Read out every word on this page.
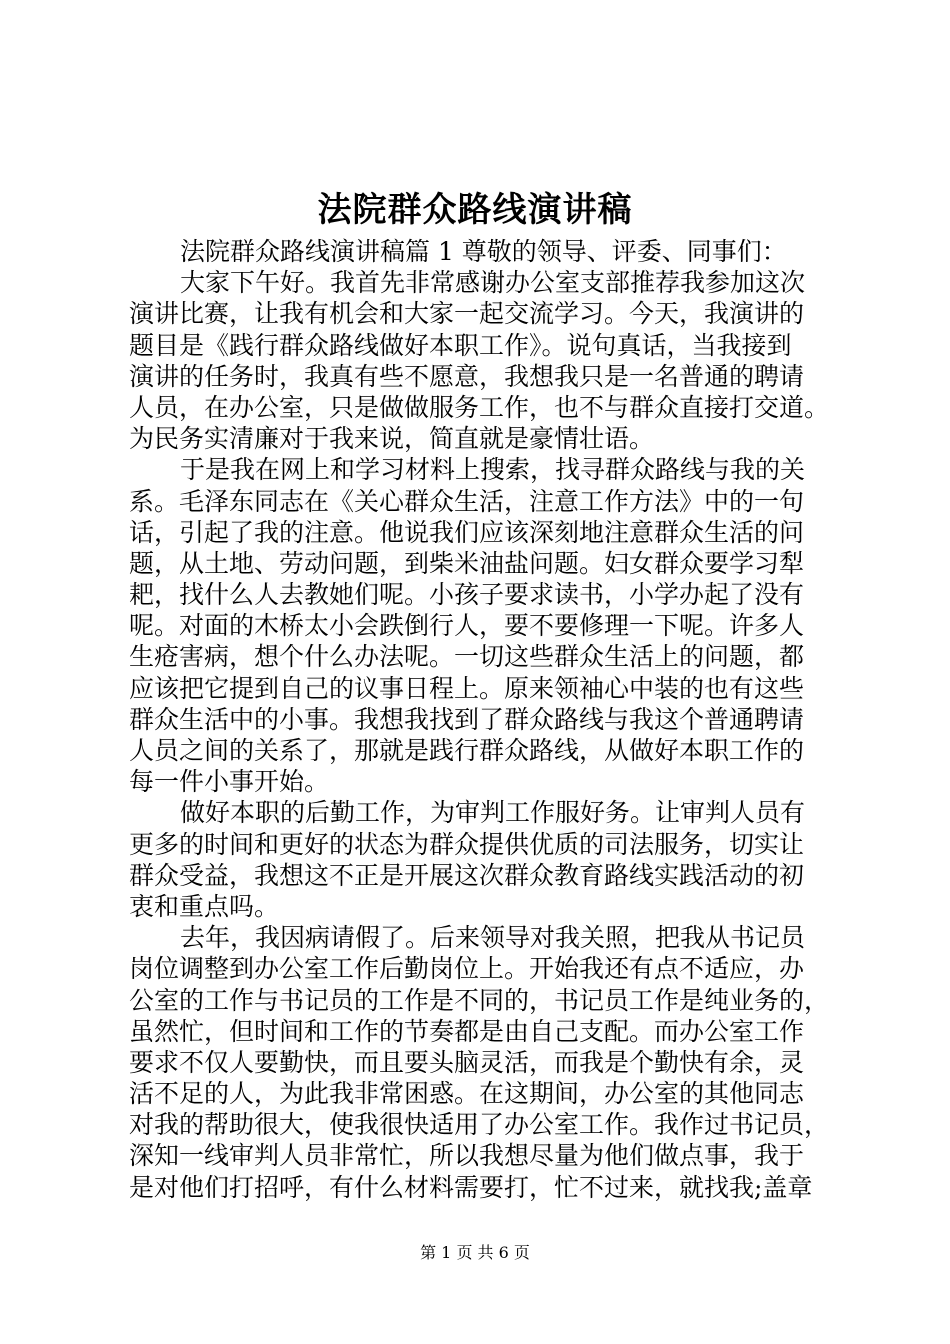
法院群众路线演讲稿
法院群众路线演讲稿篇 1 尊敬的领导、评委、同事们：
大家下午好。我首先非常感谢办公室支部推荐我参加这次
演讲比赛，让我有机会和大家一起交流学习。今天，我演讲的
题目是《践行群众路线做好本职工作》。说句真话，当我接到
演讲的任务时，我真有些不愿意，我想我只是一名普通的聘请
人员，在办公室，只是做做服务工作，也不与群众直接打交道。
为民务实清廉对于我来说，简直就是豪情壮语。
于是我在网上和学习材料上搜索，找寻群众路线与我的关
系。毛泽东同志在《关心群众生活，注意工作方法》中的一句
话，引起了我的注意。他说我们应该深刻地注意群众生活的问
题，从土地、劳动问题，到柴米油盐问题。妇女群众要学习犁
耙，找什么人去教她们呢。小孩子要求读书，小学办起了没有
呢。对面的木桥太小会跌倒行人，要不要修理一下呢。许多人
生疮害病，想个什么办法呢。一切这些群众生活上的问题，都
应该把它提到自己的议事日程上。原来领袖心中装的也有这些
群众生活中的小事。我想我找到了群众路线与我这个普通聘请
人员之间的关系了，那就是践行群众路线，从做好本职工作的
每一件小事开始。
做好本职的后勤工作，为审判工作服好务。让审判人员有
更多的时间和更好的状态为群众提供优质的司法服务，切实让
群众受益，我想这不正是开展这次群众教育路线实践活动的初
衷和重点吗。
去年，我因病请假了。后来领导对我关照，把我从书记员
岗位调整到办公室工作后勤岗位上。开始我还有点不适应，办
公室的工作与书记员的工作是不同的，书记员工作是纯业务的，
虽然忙，但时间和工作的节奏都是由自己支配。而办公室工作
要求不仅人要勤快，而且要头脑灵活，而我是个勤快有余，灵
活不足的人，为此我非常困惑。在这期间，办公室的其他同志
对我的帮助很大，使我很快适用了办公室工作。我作过书记员，
深知一线审判人员非常忙，所以我想尽量为他们做点事，我于
是对他们打招呼，有什么材料需要打，忙不过来，就找我;盖章
第 1 页 共 6 页
